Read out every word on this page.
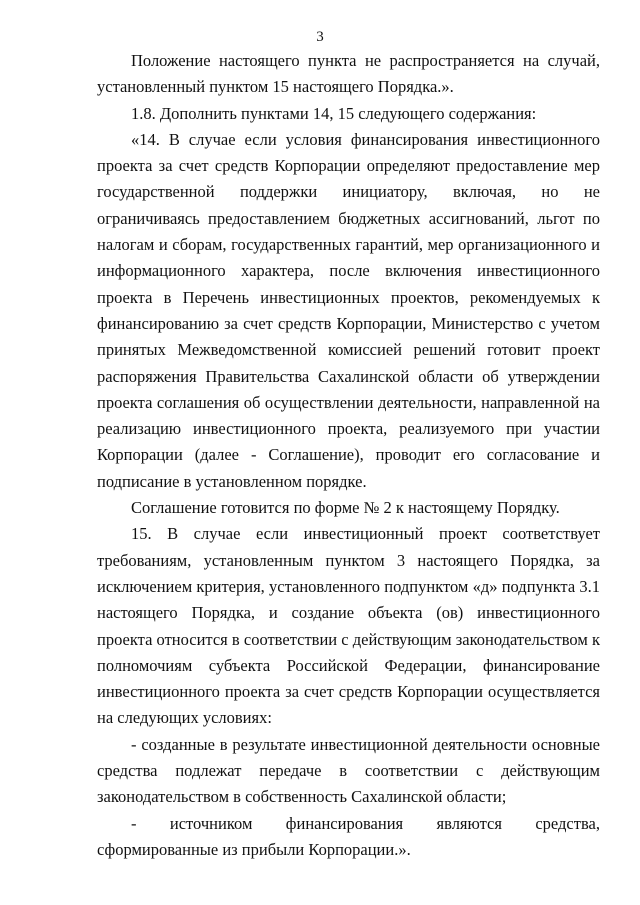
3

Положение настоящего пункта не распространяется на случай, установленный пунктом 15 настоящего Порядка.».

1.8. Дополнить пунктами 14, 15 следующего содержания:

«14. В случае если условия финансирования инвестиционного проекта за счет средств Корпорации определяют предоставление мер государственной поддержки инициатору, включая, но не ограничиваясь предоставлением бюджетных ассигнований, льгот по налогам и сборам, государственных гарантий, мер организационного и информационного характера, после включения инвестиционного проекта в Перечень инвестиционных проектов, рекомендуемых к финансированию за счет средств Корпорации, Министерство с учетом принятых Межведомственной комиссией решений готовит проект распоряжения Правительства Сахалинской области об утверждении проекта соглашения об осуществлении деятельности, направленной на реализацию инвестиционного проекта, реализуемого при участии Корпорации (далее - Соглашение), проводит его согласование и подписание в установленном порядке.

Соглашение готовится по форме № 2 к настоящему Порядку.

15. В случае если инвестиционный проект соответствует требованиям, установленным пунктом 3 настоящего Порядка, за исключением критерия, установленного подпунктом «д» подпункта 3.1 настоящего Порядка, и создание объекта (ов) инвестиционного проекта относится в соответствии с действующим законодательством к полномочиям субъекта Российской Федерации, финансирование инвестиционного проекта за счет средств Корпорации осуществляется на следующих условиях:

- созданные в результате инвестиционной деятельности основные средства подлежат передаче в соответствии с действующим законодательством в собственность Сахалинской области;

- источником финансирования являются средства, сформированные из прибыли Корпорации.».
